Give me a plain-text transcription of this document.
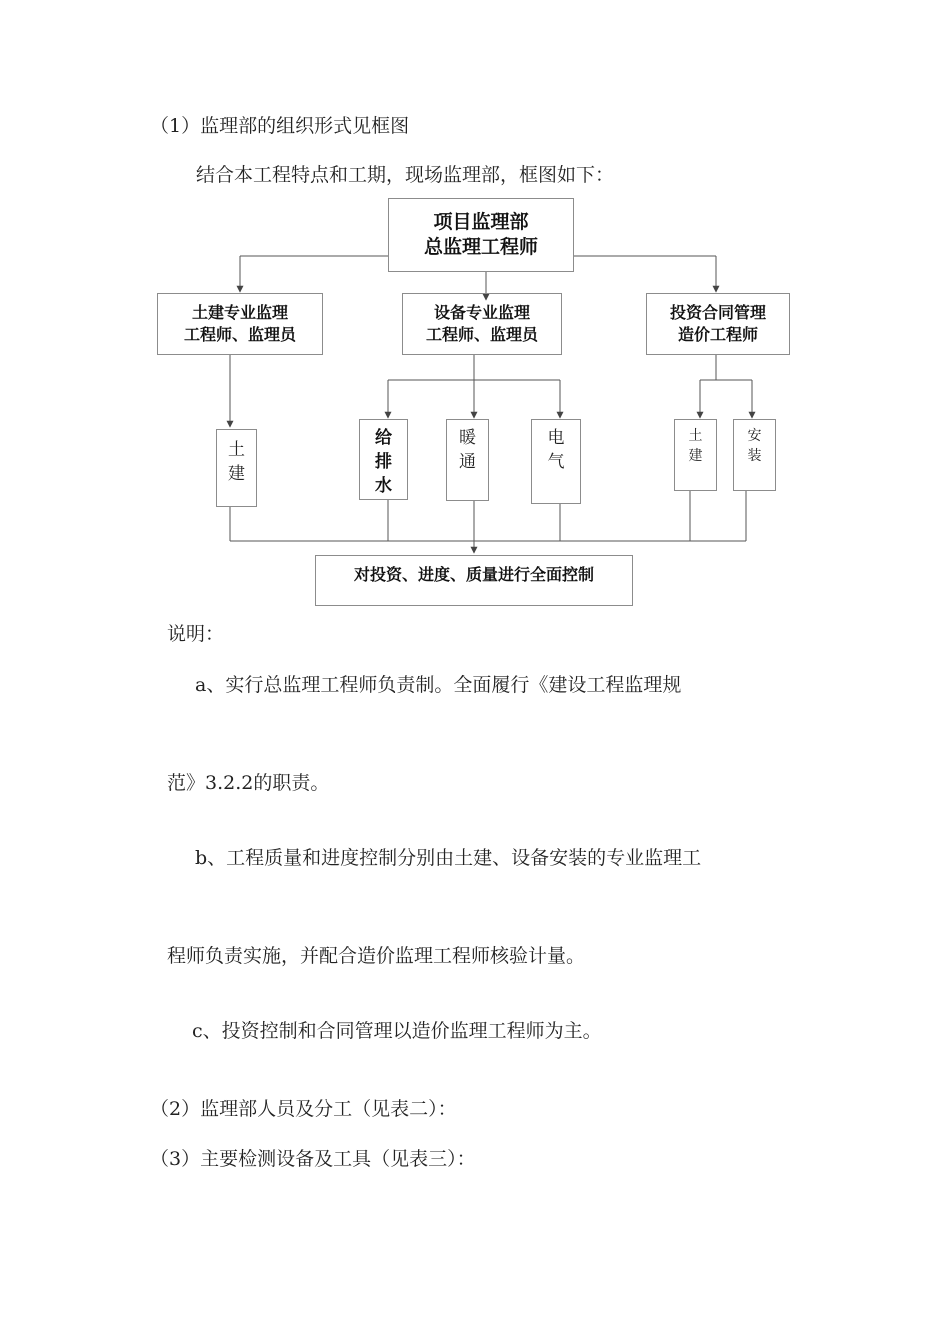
（1）监理部的组织形式见框图
结合本工程特点和工期，现场监理部，框图如下：
项目监理部
总监理工程师
土建专业监理
工程师、监理员
设备专业监理
工程师、监理员
投资合同管理
造价工程师
土
建
给
排
水
暖
通
电
气
土
建
安
装
对投资、进度、质量进行全面控制
说明：
a、实行总监理工程师负责制。全面履行《建设工程监理规
范》3.2.2的职责。
b、工程质量和进度控制分别由土建、设备安装的专业监理工
程师负责实施，并配合造价监理工程师核验计量。
c、投资控制和合同管理以造价监理工程师为主。
（2）监理部人员及分工（见表二）：
（3）主要检测设备及工具（见表三）：
